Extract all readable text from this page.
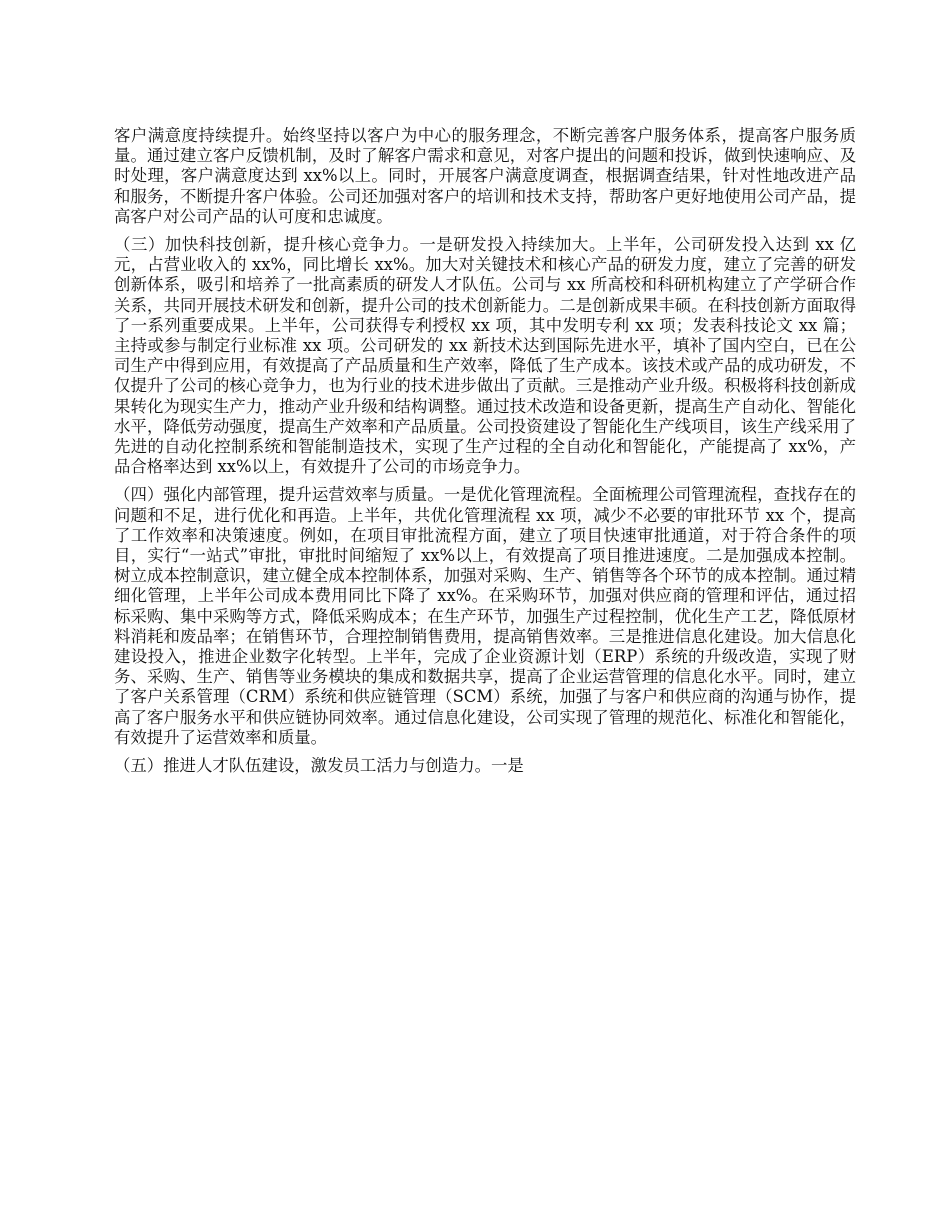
客户满意度持续提升。始终坚持以客户为中心的服务理念，不断完善客户服务体系，提高客户服务质量。通过建立客户反馈机制，及时了解客户需求和意见，对客户提出的问题和投诉，做到快速响应、及时处理，客户满意度达到 xx%以上。同时，开展客户满意度调查，根据调查结果，针对性地改进产品和服务，不断提升客户体验。公司还加强对客户的培训和技术支持，帮助客户更好地使用公司产品，提高客户对公司产品的认可度和忠诚度。

（三）加快科技创新，提升核心竞争力。一是研发投入持续加大。上半年，公司研发投入达到 xx 亿元，占营业收入的 xx%，同比增长 xx%。加大对关键技术和核心产品的研发力度，建立了完善的研发创新体系，吸引和培养了一批高素质的研发人才队伍。公司与 xx 所高校和科研机构建立了产学研合作关系，共同开展技术研发和创新，提升公司的技术创新能力。二是创新成果丰硕。在科技创新方面取得了一系列重要成果。上半年，公司获得专利授权 xx 项，其中发明专利 xx 项；发表科技论文 xx 篇；主持或参与制定行业标准 xx 项。公司研发的 xx 新技术达到国际先进水平，填补了国内空白，已在公司生产中得到应用，有效提高了产品质量和生产效率，降低了生产成本。该技术或产品的成功研发，不仅提升了公司的核心竞争力，也为行业的技术进步做出了贡献。三是推动产业升级。积极将科技创新成果转化为现实生产力，推动产业升级和结构调整。通过技术改造和设备更新，提高生产自动化、智能化水平，降低劳动强度，提高生产效率和产品质量。公司投资建设了智能化生产线项目，该生产线采用了先进的自动化控制系统和智能制造技术，实现了生产过程的全自动化和智能化，产能提高了 xx%，产品合格率达到 xx%以上，有效提升了公司的市场竞争力。

（四）强化内部管理，提升运营效率与质量。一是优化管理流程。全面梳理公司管理流程，查找存在的问题和不足，进行优化和再造。上半年，共优化管理流程 xx 项，减少不必要的审批环节 xx 个，提高了工作效率和决策速度。例如，在项目审批流程方面，建立了项目快速审批通道，对于符合条件的项目，实行“一站式”审批，审批时间缩短了 xx%以上，有效提高了项目推进速度。二是加强成本控制。树立成本控制意识，建立健全成本控制体系，加强对采购、生产、销售等各个环节的成本控制。通过精细化管理，上半年公司成本费用同比下降了 xx%。在采购环节，加强对供应商的管理和评估，通过招标采购、集中采购等方式，降低采购成本；在生产环节，加强生产过程控制，优化生产工艺，降低原材料消耗和废品率；在销售环节，合理控制销售费用，提高销售效率。三是推进信息化建设。加大信息化建设投入，推进企业数字化转型。上半年，完成了企业资源计划（ERP）系统的升级改造，实现了财务、采购、生产、销售等业务模块的集成和数据共享，提高了企业运营管理的信息化水平。同时，建立了客户关系管理（CRM）系统和供应链管理（SCM）系统，加强了与客户和供应商的沟通与协作，提高了客户服务水平和供应链协同效率。通过信息化建设，公司实现了管理的规范化、标准化和智能化，有效提升了运营效率和质量。

（五）推进人才队伍建设，激发员工活力与创造力。一是
